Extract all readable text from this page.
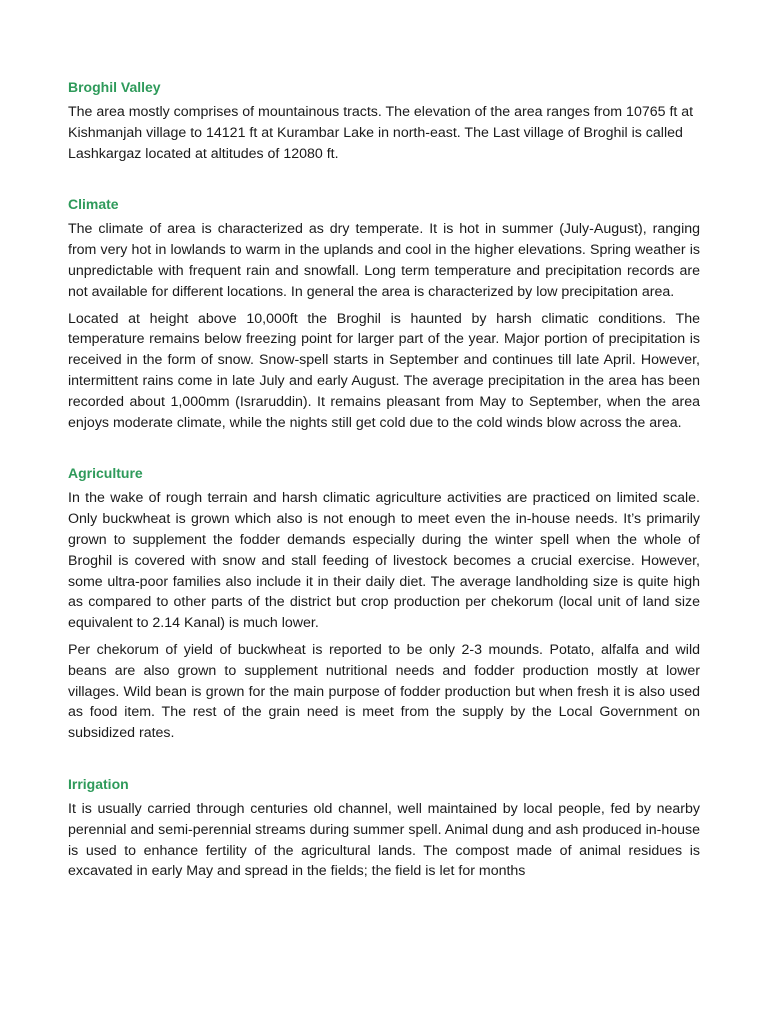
Broghil Valley

The area mostly comprises of mountainous tracts. The elevation of the area ranges from 10765 ft at Kishmanjah village to 14121 ft at Kurambar Lake in north-east. The Last village of Broghil is called Lashkargaz located at altitudes of 12080 ft.

Climate

The climate of area is characterized as dry temperate. It is hot in summer (July-August), ranging from very hot in lowlands to warm in the uplands and cool in the higher elevations. Spring weather is unpredictable with frequent rain and snowfall. Long term temperature and precipitation records are not available for different locations. In general the area is characterized by low precipitation area.

Located at height above 10,000ft the Broghil is haunted by harsh climatic conditions. The temperature remains below freezing point for larger part of the year. Major portion of precipitation is received in the form of snow. Snow-spell starts in September and continues till late April. However, intermittent rains come in late July and early August. The average precipitation in the area has been recorded about 1,000mm (Israruddin). It remains pleasant from May to September, when the area enjoys moderate climate, while the nights still get cold due to the cold winds blow across the area.

Agriculture

In the wake of rough terrain and harsh climatic agriculture activities are practiced on limited scale. Only buckwheat is grown which also is not enough to meet even the in-house needs. It’s primarily grown to supplement the fodder demands especially during the winter spell when the whole of Broghil is covered with snow and stall feeding of livestock becomes a crucial exercise. However, some ultra-poor families also include it in their daily diet. The average landholding size is quite high as compared to other parts of the district but crop production per chekorum (local unit of land size equivalent to 2.14 Kanal) is much lower.

Per chekorum of yield of buckwheat is reported to be only 2-3 mounds. Potato, alfalfa and wild beans are also grown to supplement nutritional needs and fodder production mostly at lower villages. Wild bean is grown for the main purpose of fodder production but when fresh it is also used as food item. The rest of the grain need is meet from the supply by the Local Government on subsidized rates.

Irrigation

It is usually carried through centuries old channel, well maintained by local people, fed by nearby perennial and semi-perennial streams during summer spell. Animal dung and ash produced in-house is used to enhance fertility of the agricultural lands. The compost made of animal residues is excavated in early May and spread in the fields; the field is let for months
